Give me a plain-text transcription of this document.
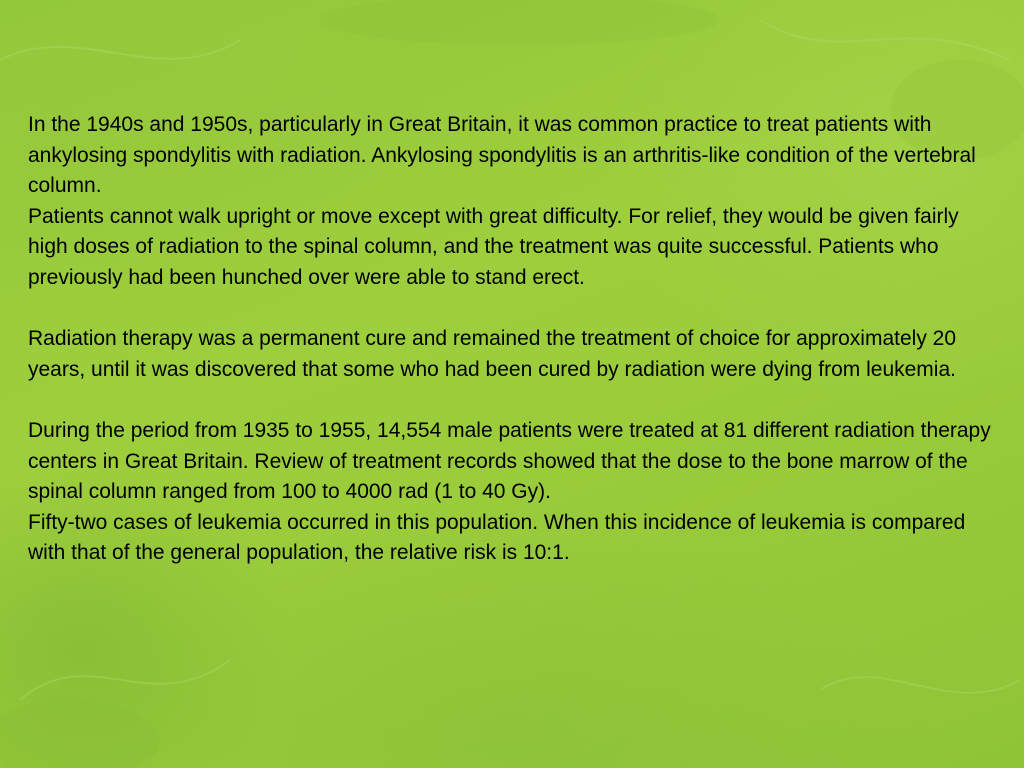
In the 1940s and 1950s, particularly in Great Britain, it was common practice to treat patients with ankylosing spondylitis with radiation. Ankylosing spondylitis is an arthritis-like condition of the vertebral column.

Patients cannot walk upright or move except with great difficulty. For relief, they would be given fairly high doses of radiation to the spinal column, and the treatment was quite successful. Patients who previously had been hunched over were able to stand erect.

Radiation therapy was a permanent cure and remained the treatment of choice for approximately 20 years, until it was discovered that some who had been cured by radiation were dying from leukemia.

During the period from 1935 to 1955, 14,554 male patients were treated at 81 different radiation therapy centers in Great Britain. Review of treatment records showed that the dose to the bone marrow of the spinal column ranged from 100 to 4000 rad (1 to 40 Gy).

Fifty-two cases of leukemia occurred in this population. When this incidence of leukemia is compared with that of the general population, the relative risk is 10:1.
